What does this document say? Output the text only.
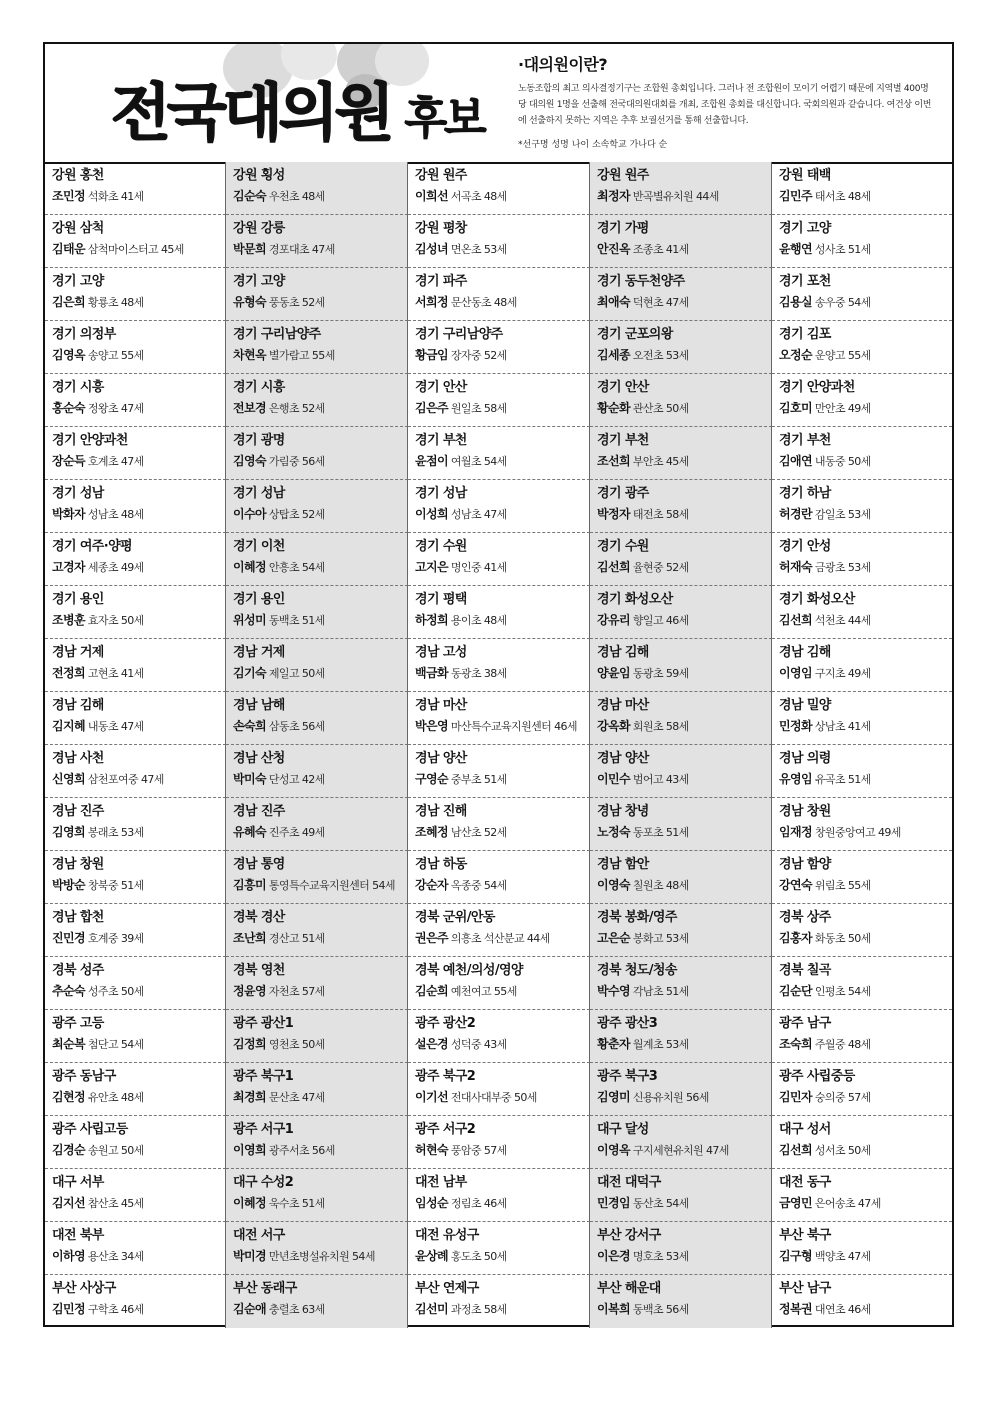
전국대의원 후보
·대의원이란?

노동조합의 최고 의사결정기구는 조합원 총회입니다. 그러나 전 조합원이 모이기 어렵기 때문에 지역별 400명 당 대의원 1명을 선출해 전국대의원대회를 개최, 조합원 총회를 대신합니다. 국회의원과 같습니다. 여건상 이번에 선출하지 못하는 지역은 추후 보궐선거를 통해 선출합니다.

*선구명 성명 나이 소속학교 가나다 순
강원 홍천
조민정 석화초 41세
강원 횡성
김순숙 우천초 48세
강원 원주
이희선 서곡초 48세
강원 원주
최정자 반곡별유치원 44세
강원 태백
김민주 태서초 48세
강원 삼척
김태운 삼척마이스터고 45세
강원 강릉
박문희 경포대초 47세
강원 평창
김성녀 면온초 53세
경기 가평
안진옥 조종초 41세
경기 고양
윤행연 성사초 51세
경기 고양
김은희 황룡초 48세
경기 고양
유형숙 풍동초 52세
경기 파주
서희정 문산동초 48세
경기 동두천양주
최애숙 덕현초 47세
경기 포천
김용실 송우중 54세
경기 의정부
김영옥 송양고 55세
경기 구리남양주
차현옥 별가람고 55세
경기 구리남양주
황금임 장자중 52세
경기 군포의왕
김세종 오전초 53세
경기 김포
오정순 운양고 55세
경기 시흥
홍순숙 정왕초 47세
경기 시흥
전보경 은행초 52세
경기 안산
김은주 원일초 58세
경기 안산
황순화 관산초 50세
경기 안양과천
김호미 만안초 49세
경기 안양과천
장순득 호계초 47세
경기 광명
김영숙 가림중 56세
경기 부천
윤점이 여월초 54세
경기 부천
조선희 부안초 45세
경기 부천
김애연 내동중 50세
경기 성남
박화자 성남초 48세
경기 성남
이수아 상탑초 52세
경기 성남
이성희 성남초 47세
경기 광주
박정자 태전초 58세
경기 하남
허경란 감일초 53세
경기 여주·양평
고경자 세종초 49세
경기 이천
이혜정 안흥초 54세
경기 수원
고지은 명인중 41세
경기 수원
김선희 율현중 52세
경기 안성
허재숙 금광초 53세
경기 용인
조병훈 효자초 50세
경기 용인
위성미 동백초 51세
경기 평택
하정희 용이초 48세
경기 화성오산
강유리 향일고 46세
경기 화성오산
김선희 석천초 44세
경남 거제
전정희 고현초 41세
경남 거제
김기숙 제일고 50세
경남 고성
백금화 동광초 38세
경남 김해
양윤임 동광초 59세
경남 김해
이영임 구지초 49세
경남 김해
김지혜 내동초 47세
경남 남해
손숙희 삼동초 56세
경남 마산
박은영 마산특수교육지원센터 46세
경남 마산
강옥화 회원초 58세
경남 밀양
민정화 상남초 41세
경남 사천
신영희 삼천포여중 47세
경남 산청
박미숙 단성고 42세
경남 양산
구영순 중부초 51세
경남 양산
이민수 범어고 43세
경남 의령
유영임 유곡초 51세
경남 진주
김영희 봉래초 53세
경남 진주
유혜숙 진주초 49세
경남 진해
조혜정 남산초 52세
경남 창녕
노정숙 동포초 51세
경남 창원
임재정 창원중앙여고 49세
경남 창원
박방순 창북중 51세
경남 통영
김흥미 통영특수교육지원센터 54세
경남 하동
강순자 옥종중 54세
경남 함안
이영숙 칠원초 48세
경남 함양
강연숙 위림초 55세
경남 합천
진민경 호계중 39세
경북 경산
조난희 경산고 51세
경북 군위/안동
권은주 의흥초 석산분교 44세
경북 봉화/영주
고은순 봉화고 53세
경북 상주
김홍자 화동초 50세
경북 성주
추순숙 성주초 50세
경북 영천
정윤영 자천초 57세
경북 예천/의성/영양
김순희 예천여고 55세
경북 청도/청송
박수영 각남초 51세
경북 칠곡
김순단 인평초 54세
광주 고등
최순복 첨단고 54세
광주 광산1
김정희 영천초 50세
광주 광산2
설은경 성덕중 43세
광주 광산3
황춘자 월계초 53세
광주 남구
조숙희 주월중 48세
광주 동남구
김현정 유안초 48세
광주 북구1
최경희 문산초 47세
광주 북구2
이기선 전대사대부중 50세
광주 북구3
김영미 신용유치원 56세
광주 사립중등
김민자 숭의중 57세
광주 사립고등
김경순 송원고 50세
광주 서구1
이영희 광주서초 56세
광주 서구2
허현숙 풍암중 57세
대구 달성
이영옥 구지세현유치원 47세
대구 성서
김선희 성서초 50세
대구 서부
김지선 참산초 45세
대구 수성2
이혜정 욱수초 51세
대전 남부
임성순 정림초 46세
대전 대덕구
민경임 동산초 54세
대전 동구
금영민 은어송초 47세
대전 북부
이하영 용산초 34세
대전 서구
박미경 만년초병설유치원 54세
대전 유성구
윤상례 홍도초 50세
부산 강서구
이은경 명호초 53세
부산 북구
김구형 백양초 47세
부산 사상구
김민정 구학초 46세
부산 동래구
김순애 충렬초 63세
부산 연제구
김선미 과정초 58세
부산 해운대
이복희 동백초 56세
부산 남구
정복권 대연초 46세
